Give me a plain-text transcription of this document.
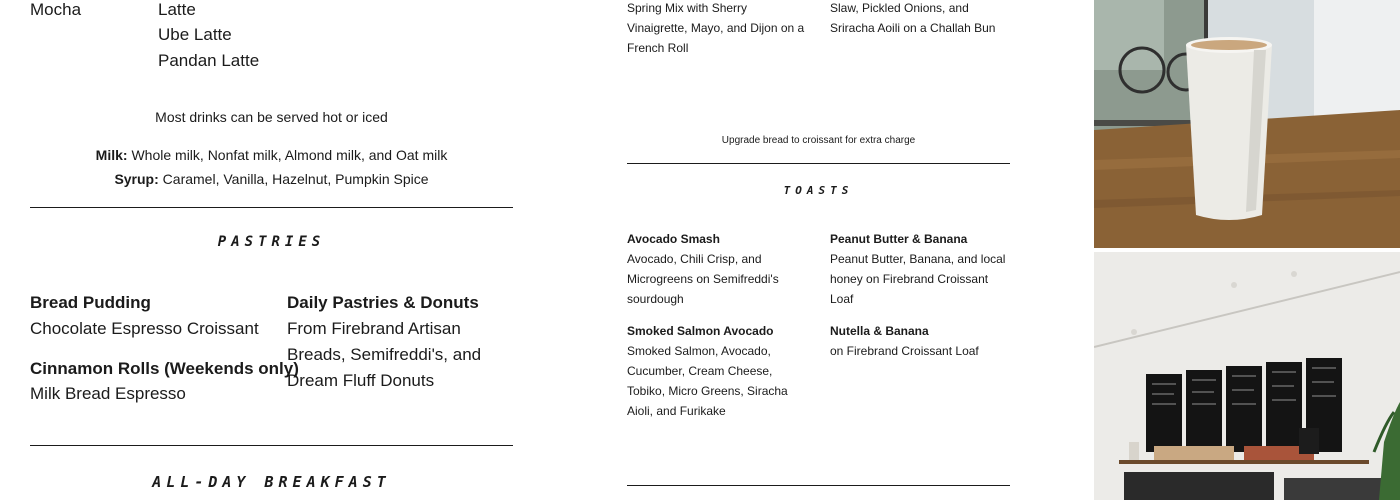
Mocha	Latte
Ube Latte
Pandan Latte
Most drinks can be served hot or iced
Milk: Whole milk, Nonfat milk, Almond milk, and Oat milk
Syrup: Caramel, Vanilla, Hazelnut, Pumpkin Spice
PASTRIES
Bread Pudding
Chocolate Espresso Croissant
Cinnamon Rolls (Weekends only)
Milk Bread Espresso
Daily Pastries & Donuts
From Firebrand Artisan Breads, Semifreddi's, and Dream Fluff Donuts
ALL-DAY BREAKFAST
Spring Mix with Sherry Vinaigrette, Mayo, and Dijon on a French Roll
Slaw, Pickled Onions, and Sriracha Aoili on a Challah Bun
Upgrade bread to croissant for extra charge
TOASTS
Avocado Smash
Avocado, Chili Crisp, and Microgreens on Semifreddi's sourdough
Peanut Butter & Banana
Peanut Butter, Banana, and local honey on Firebrand Croissant Loaf
Smoked Salmon Avocado
Smoked Salmon, Avocado, Cucumber, Cream Cheese, Tobiko, Micro Greens, Siracha Aioli, and Furikake
Nutella & Banana
on Firebrand Croissant Loaf
